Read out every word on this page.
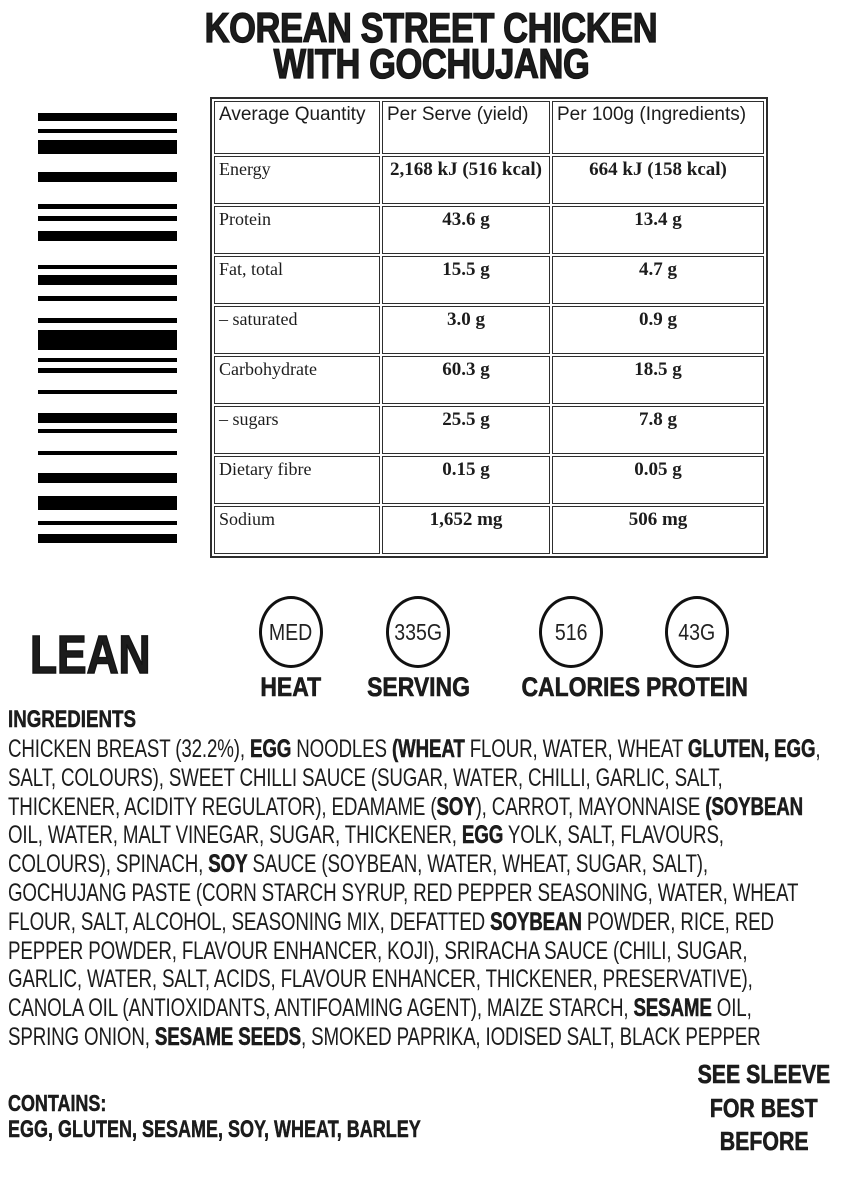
KOREAN STREET CHICKEN
WITH GOCHUJANG
Average Quantity	Per Serve (yield)	Per 100g (Ingredients)
Energy	2,168 kJ (516 kcal)	664 kJ (158 kcal)
Protein	43.6 g	13.4 g
Fat, total	15.5 g	4.7 g
– saturated	3.0 g	0.9 g
Carbohydrate	60.3 g	18.5 g
– sugars	25.5 g	7.8 g
Dietary fibre	0.15 g	0.05 g
Sodium	1,652 mg	506 mg
LEAN	MED
HEAT
335G
SERVING
516
CALORIES
43G
PROTEIN
INGREDIENTS
CHICKEN BREAST (32.2%), EGG NOODLES (WHEAT FLOUR, WATER, WHEAT GLUTEN, EGG,
SALT, COLOURS), SWEET CHILLI SAUCE (SUGAR, WATER, CHILLI, GARLIC, SALT,
THICKENER, ACIDITY REGULATOR), EDAMAME (SOY), CARROT, MAYONNAISE (SOYBEAN
OIL, WATER, MALT VINEGAR, SUGAR, THICKENER, EGG YOLK, SALT, FLAVOURS,
COLOURS), SPINACH, SOY SAUCE (SOYBEAN, WATER, WHEAT, SUGAR, SALT),
GOCHUJANG PASTE (CORN STARCH SYRUP, RED PEPPER SEASONING, WATER, WHEAT
FLOUR, SALT, ALCOHOL, SEASONING MIX, DEFATTED SOYBEAN POWDER, RICE, RED
PEPPER POWDER, FLAVOUR ENHANCER, KOJI), SRIRACHA SAUCE (CHILI, SUGAR,
GARLIC, WATER, SALT, ACIDS, FLAVOUR ENHANCER, THICKENER, PRESERVATIVE),
CANOLA OIL (ANTIOXIDANTS, ANTIFOAMING AGENT), MAIZE STARCH, SESAME OIL,
SPRING ONION, SESAME SEEDS, SMOKED PAPRIKA, IODISED SALT, BLACK PEPPER
CONTAINS:
EGG, GLUTEN, SESAME, SOY, WHEAT, BARLEY
SEE SLEEVE
FOR BEST
BEFORE
